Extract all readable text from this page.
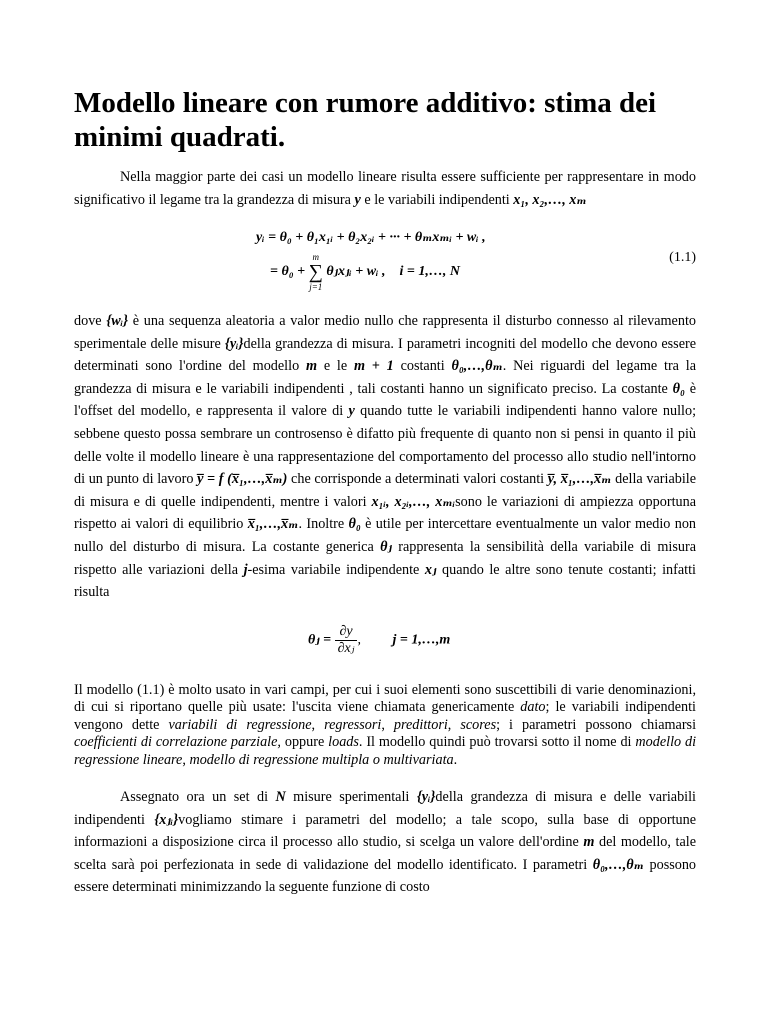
Modello lineare con rumore additivo: stima dei minimi quadrati.

Nella maggior parte dei casi un modello lineare risulta essere sufficiente per rappresentare in modo significativo il legame tra la grandezza di misura y e le variabili indipendenti x₁, x₂,…, xₘ

yᵢ = θ₀ + θ₁x₁ᵢ + θ₂x₂ᵢ + ··· + θₘxₘᵢ + wᵢ ,
= θ₀ +
m
∑
j=1
θⱼxⱼᵢ + wᵢ , i = 1,…, N
(1.1)

dove {wᵢ} è una sequenza aleatoria a valor medio nullo che rappresenta il disturbo connesso al rilevamento sperimentale delle misure {yᵢ}della grandezza di misura. I parametri incogniti del modello che devono essere determinati sono l'ordine del modello m e le m + 1 costanti θ₀,…,θₘ. Nei riguardi del legame tra la grandezza di misura e le variabili indipendenti , tali costanti hanno un significato preciso. La costante θ₀ è l'offset del modello, e rappresenta il valore di y quando tutte le variabili indipendenti hanno valore nullo; sebbene questo possa sembrare un controsenso è difatto più frequente di quanto non si pensi in quanto il più delle volte il modello lineare è una rappresentazione del comportamento del processo allo studio nell'intorno di un punto di lavoro y̅ = f (x̅₁,…,x̅ₘ) che corrisponde a determinati valori costanti y̅, x̅₁,…,x̅ₘ della variabile di misura e di quelle indipendenti, mentre i valori x₁ᵢ, x₂ᵢ,…, xₘᵢsono le variazioni di ampiezza opportuna rispetto ai valori di equilibrio x̅₁,…,x̅ₘ. Inoltre θ₀ è utile per intercettare eventualmente un valor medio non nullo del disturbo di misura. La costante generica θⱼ rappresenta la sensibilità della variabile di misura rispetto alle variazioni della j-esima variabile indipendente xⱼ quando le altre sono tenute costanti; infatti risulta

θⱼ = $\frac{\partial y}{\text{∂xⱼ}}$ , j = 1,…,m

Il modello (1.1) è molto usato in vari campi, per cui i suoi elementi sono suscettibili di varie denominazioni, di cui si riportano quelle più usate: l'uscita viene chiamata genericamente dato; le variabili indipendenti vengono dette variabili di regressione, regressori, predittori, scores; i parametri possono chiamarsi coefficienti di correlazione parziale, oppure loads. Il modello quindi può trovarsi sotto il nome di modello di regressione lineare, modello di regressione multipla o multivariata.

Assegnato ora un set di N misure sperimentali {yᵢ}della grandezza di misura e delle variabili indipendenti {xⱼᵢ}vogliamo stimare i parametri del modello; a tale scopo, sulla base di opportune informazioni a disposizione circa il processo allo studio, si scelga un valore dell'ordine m del modello, tale scelta sarà poi perfezionata in sede di validazione del modello identificato. I parametri θ₀,…,θₘ possono essere determinati minimizzando la seguente funzione di costo
